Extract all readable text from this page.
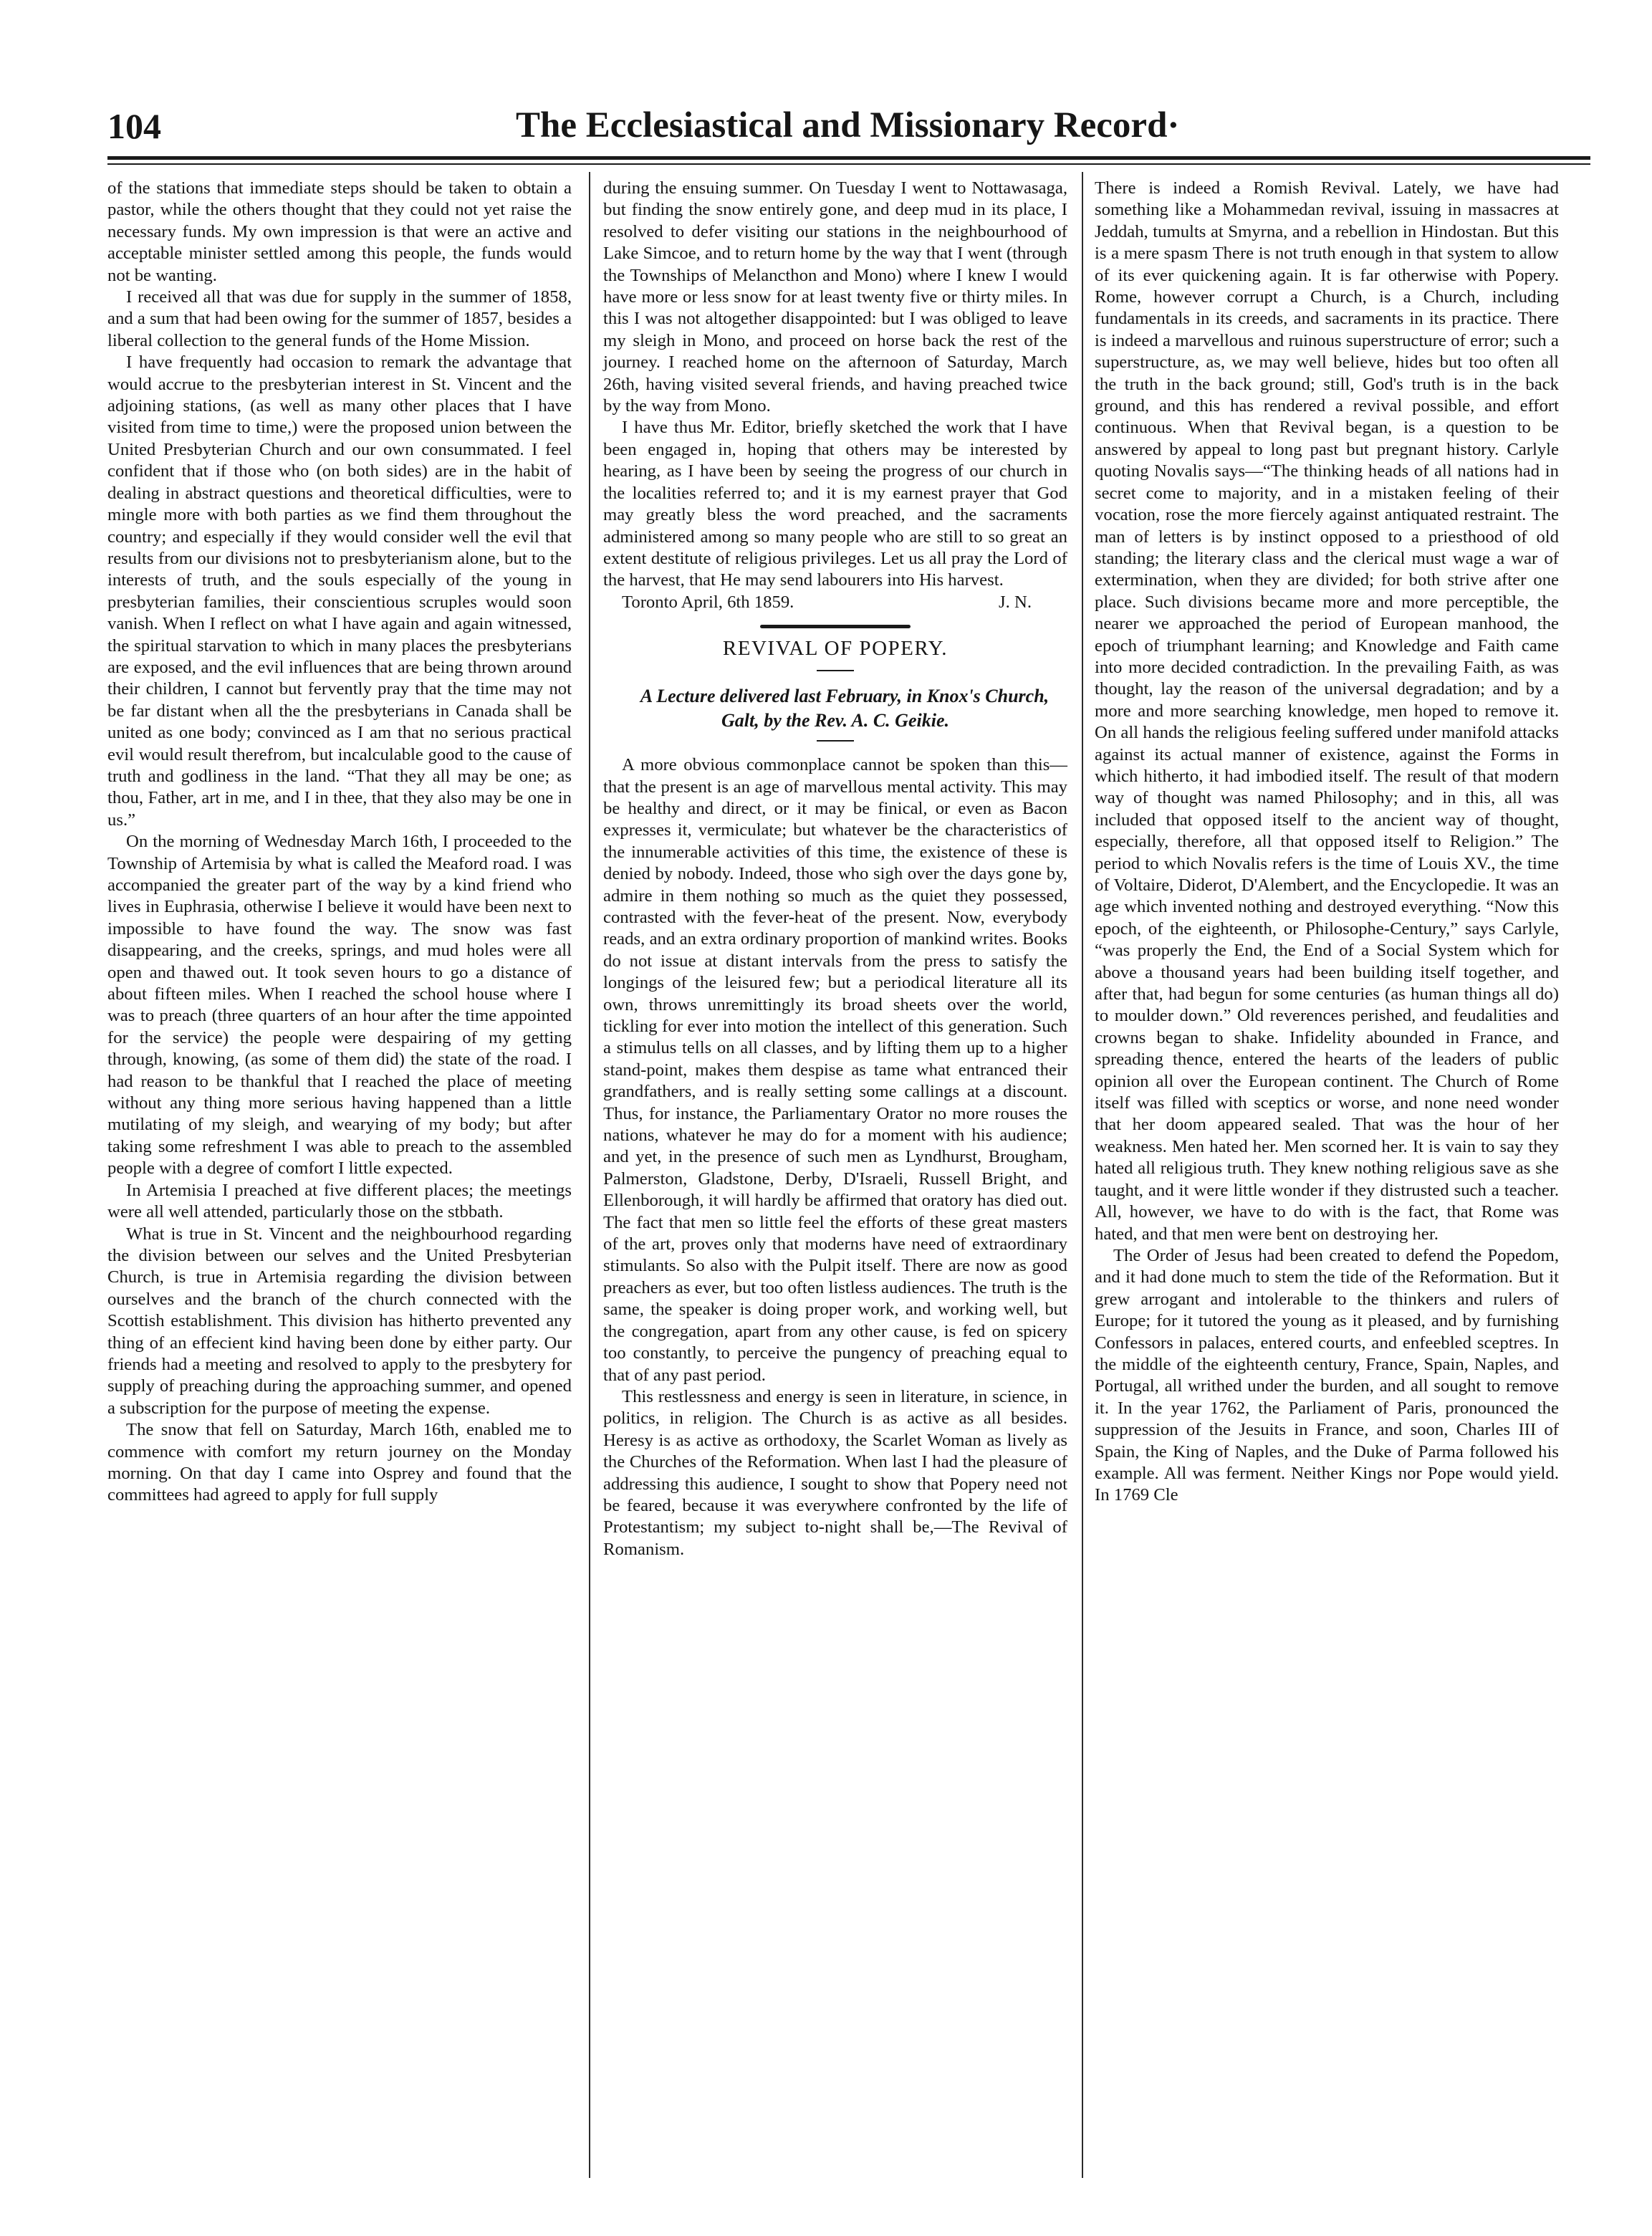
104	The Ecclesiastical and Missionary Record·

of the stations that immediate steps should be taken to obtain a pastor, while the others thought that they could not yet raise the necessary funds. My own impression is that were an active and acceptable minister settled among this people, the funds would not be wanting.

I received all that was due for supply in the summer of 1858, and a sum that had been owing for the summer of 1857, besides a liberal collection to the general funds of the Home Mission.

I have frequently had occasion to remark the advantage that would accrue to the presbyterian interest in St. Vincent and the adjoining stations, (as well as many other places that I have visited from time to time,) were the proposed union between the United Presbyterian Church and our own consummated. I feel confident that if those who (on both sides) are in the habit of dealing in abstract questions and theoretical difficulties, were to mingle more with both parties as we find them throughout the country; and especially if they would consider well the evil that results from our divisions not to presbyterianism alone, but to the interests of truth, and the souls especially of the young in presbyterian families, their conscientious scruples would soon vanish. When I reflect on what I have again and again witnessed, the spiritual starvation to which in many places the presbyterians are exposed, and the evil influences that are being thrown around their children, I cannot but fervently pray that the time may not be far distant when all the the presbyterians in Canada shall be united as one body; convinced as I am that no serious practical evil would result therefrom, but incalculable good to the cause of truth and godliness in the land. “That they all may be one; as thou, Father, art in me, and I in thee, that they also may be one in us.”

On the morning of Wednesday March 16th, I proceeded to the Township of Artemisia by what is called the Meaford road. I was accompanied the greater part of the way by a kind friend who lives in Euphrasia, otherwise I believe it would have been next to impossible to have found the way. The snow was fast disappearing, and the creeks, springs, and mud holes were all open and thawed out. It took seven hours to go a distance of about fifteen miles. When I reached the school house where I was to preach (three quarters of an hour after the time appointed for the service) the people were despairing of my getting through, knowing, (as some of them did) the state of the road. I had reason to be thankful that I reached the place of meeting without any thing more serious having happened than a little mutilating of my sleigh, and wearying of my body; but after taking some refreshment I was able to preach to the assembled people with a degree of comfort I little expected.

In Artemisia I preached at five different places; the meetings were all well attended, particularly those on the stbbath.

What is true in St. Vincent and the neighbourhood regarding the division between our selves and the United Presbyterian Church, is true in Artemisia regarding the division between ourselves and the branch of the church connected with the Scottish establishment. This division has hitherto prevented any thing of an effecient kind having been done by either party. Our friends had a meeting and resolved to apply to the presbytery for supply of preaching during the approaching summer, and opened a subscription for the purpose of meeting the expense.

The snow that fell on Saturday, March 16th, enabled me to commence with comfort my return journey on the Monday morning. On that day I came into Osprey and found that the committees had agreed to apply for full supply

during the ensuing summer. On Tuesday I went to Nottawasaga, but finding the snow entirely gone, and deep mud in its place, I resolved to defer visiting our stations in the neighbourhood of Lake Simcoe, and to return home by the way that I went (through the Townships of Melancthon and Mono) where I knew I would have more or less snow for at least twenty five or thirty miles. In this I was not altogether disappointed: but I was obliged to leave my sleigh in Mono, and proceed on horse back the rest of the journey. I reached home on the afternoon of Saturday, March 26th, having visited several friends, and having preached twice by the way from Mono.

I have thus Mr. Editor, briefly sketched the work that I have been engaged in, hoping that others may be interested by hearing, as I have been by seeing the progress of our church in the localities referred to; and it is my earnest prayer that God may greatly bless the word preached, and the sacraments administered among so many people who are still to so great an extent destitute of religious privileges. Let us all pray the Lord of the harvest, that He may send labourers into His harvest.

Toronto April, 6th 1859.	J. N.
REVIVAL OF POPERY.

A Lecture delivered last February, in Knox's Church, Galt, by the Rev. A. C. Geikie.

A more obvious commonplace cannot be spoken than this—that the present is an age of marvellous mental activity. This may be healthy and direct, or it may be finical, or even as Bacon expresses it, vermiculate; but whatever be the characteristics of the innumerable activities of this time, the existence of these is denied by nobody. Indeed, those who sigh over the days gone by, admire in them nothing so much as the quiet they possessed, contrasted with the fever-heat of the present. Now, everybody reads, and an extra ordinary proportion of mankind writes. Books do not issue at distant intervals from the press to satisfy the longings of the leisured few; but a periodical literature all its own, throws unremittingly its broad sheets over the world, tickling for ever into motion the intellect of this generation. Such a stimulus tells on all classes, and by lifting them up to a higher stand-point, makes them despise as tame what entranced their grandfathers, and is really setting some callings at a discount. Thus, for instance, the Parliamentary Orator no more rouses the nations, whatever he may do for a moment with his audience; and yet, in the presence of such men as Lyndhurst, Brougham, Palmerston, Gladstone, Derby, D'Israeli, Russell Bright, and Ellenborough, it will hardly be affirmed that oratory has died out. The fact that men so little feel the efforts of these great masters of the art, proves only that moderns have need of extraordinary stimulants. So also with the Pulpit itself. There are now as good preachers as ever, but too often listless audiences. The truth is the same, the speaker is doing proper work, and working well, but the congregation, apart from any other cause, is fed on spicery too constantly, to perceive the pungency of preaching equal to that of any past period.

This restlessness and energy is seen in literature, in science, in politics, in religion. The Church is as active as all besides. Heresy is as active as orthodoxy, the Scarlet Woman as lively as the Churches of the Reformation. When last I had the pleasure of addressing this audience, I sought to show that Popery need not be feared, because it was everywhere confronted by the life of Protestantism; my subject to-night shall be,—The Revival of Romanism.

There is indeed a Romish Revival. Lately, we have had something like a Mohammedan revival, issuing in massacres at Jeddah, tumults at Smyrna, and a rebellion in Hindostan. But this is a mere spasm There is not truth enough in that system to allow of its ever quickening again. It is far otherwise with Popery. Rome, however corrupt a Church, is a Church, including fundamentals in its creeds, and sacraments in its practice. There is indeed a marvellous and ruinous superstructure of error; such a superstructure, as, we may well believe, hides but too often all the truth in the back ground; still, God's truth is in the back ground, and this has rendered a revival possible, and effort continuous. When that Revival began, is a question to be answered by appeal to long past but pregnant history. Carlyle quoting Novalis says—“The thinking heads of all nations had in secret come to majority, and in a mistaken feeling of their vocation, rose the more fiercely against antiquated restraint. The man of letters is by instinct opposed to a priesthood of old standing; the literary class and the clerical must wage a war of extermination, when they are divided; for both strive after one place. Such divisions became more and more perceptible, the nearer we approached the period of European manhood, the epoch of triumphant learning; and Knowledge and Faith came into more decided contradiction. In the prevailing Faith, as was thought, lay the reason of the universal degradation; and by a more and more searching knowledge, men hoped to remove it. On all hands the religious feeling suffered under manifold attacks against its actual manner of existence, against the Forms in which hitherto, it had imbodied itself. The result of that modern way of thought was named Philosophy; and in this, all was included that opposed itself to the ancient way of thought, especially, therefore, all that opposed itself to Religion.” The period to which Novalis refers is the time of Louis XV., the time of Voltaire, Diderot, D'Alembert, and the Encyclopedie. It was an age which invented nothing and destroyed everything. “Now this epoch, of the eighteenth, or Philosophe-Century,” says Carlyle, “was properly the End, the End of a Social System which for above a thousand years had been building itself together, and after that, had begun for some centuries (as human things all do) to moulder down.” Old reverences perished, and feudalities and crowns began to shake. Infidelity abounded in France, and spreading thence, entered the hearts of the leaders of public opinion all over the European continent. The Church of Rome itself was filled with sceptics or worse, and none need wonder that her doom appeared sealed. That was the hour of her weakness. Men hated her. Men scorned her. It is vain to say they hated all religious truth. They knew nothing religious save as she taught, and it were little wonder if they distrusted such a teacher. All, however, we have to do with is the fact, that Rome was hated, and that men were bent on destroying her.

The Order of Jesus had been created to defend the Popedom, and it had done much to stem the tide of the Reformation. But it grew arrogant and intolerable to the thinkers and rulers of Europe; for it tutored the young as it pleased, and by furnishing Confessors in palaces, entered courts, and enfeebled sceptres. In the middle of the eighteenth century, France, Spain, Naples, and Portugal, all writhed under the burden, and all sought to remove it. In the year 1762, the Parliament of Paris, pronounced the suppression of the Jesuits in France, and soon, Charles III of Spain, the King of Naples, and the Duke of Parma followed his example. All was ferment. Neither Kings nor Pope would yield. In 1769 Cle
